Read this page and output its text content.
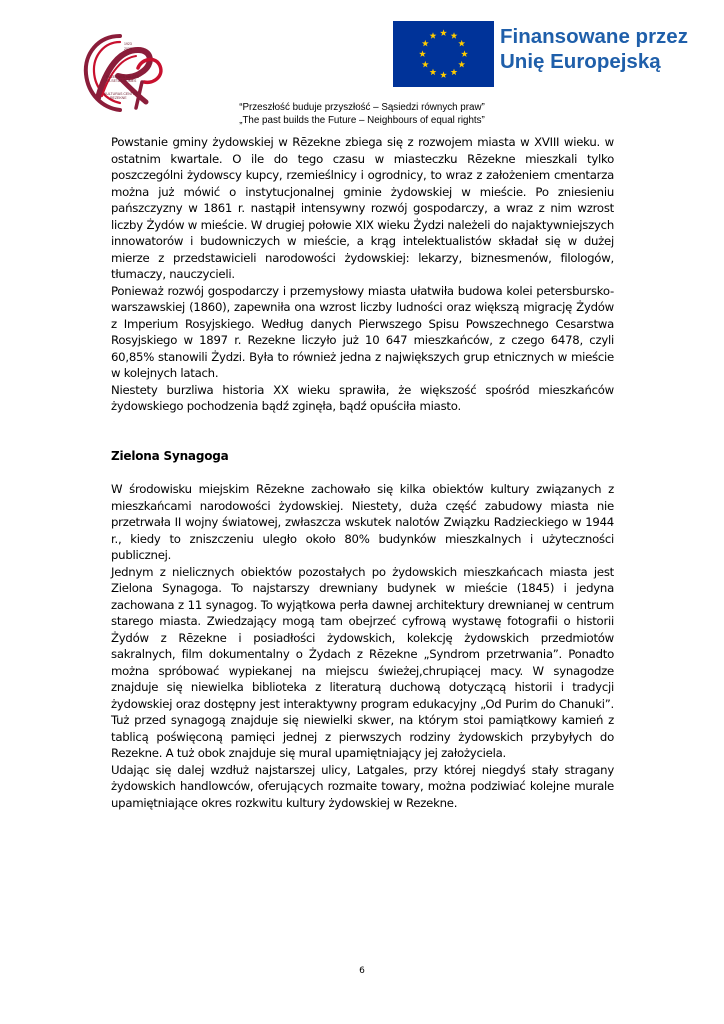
1923
2023
REZEKNES VALSTS
PILSETAS DOMES
KULTURAS CENTRS
REZEKNE
Finansowane przez
Unię Europejską
“Przeszłość buduje przyszłość – Sąsiedzi równych praw”
„The past builds the Future – Neighbours of equal rights”

Powstanie gminy żydowskiej w Rēzekne zbiega się z rozwojem miasta w XVIII wieku. w ostatnim kwartale. O ile do tego czasu w miasteczku Rēzekne mieszkali tylko poszczególni żydowscy kupcy, rzemieślnicy i ogrodnicy, to wraz z założeniem cmentarza można już mówić o instytucjonalnej gminie żydowskiej w mieście. Po zniesieniu pańszczyzny w 1861 r. nastąpił intensywny rozwój gospodarczy, a wraz z nim wzrost liczby Żydów w mieście. W drugiej połowie XIX wieku Żydzi należeli do najaktywniejszych innowatorów i budowniczych w mieście, a krąg intelektualistów składał się w dużej mierze z przedstawicieli narodowości żydowskiej: lekarzy, biznesmenów, filologów, tłumaczy, nauczycieli.

Ponieważ rozwój gospodarczy i przemysłowy miasta ułatwiła budowa kolei petersbursko-warszawskiej (1860), zapewniła ona wzrost liczby ludności oraz większą migrację Żydów z Imperium Rosyjskiego. Według danych Pierwszego Spisu Powszechnego Cesarstwa Rosyjskiego w 1897 r. Rezekne liczyło już 10 647 mieszkańców, z czego 6478, czyli 60,85% stanowili Żydzi. Była to również jedna z największych grup etnicznych w mieście w kolejnych latach.

Niestety burzliwa historia XX wieku sprawiła, że większość spośród mieszkańców żydowskiego pochodzenia bądź zginęła, bądź opuściła miasto.

Zielona Synagoga

W środowisku miejskim Rēzekne zachowało się kilka obiektów kultury związanych z mieszkańcami narodowości żydowskiej. Niestety, duża część zabudowy miasta nie przetrwała II wojny światowej, zwłaszcza wskutek nalotów Związku Radzieckiego w 1944 r., kiedy to zniszczeniu uległo około 80% budynków mieszkalnych i użyteczności publicznej.

Jednym z nielicznych obiektów pozostałych po żydowskich mieszkańcach miasta jest Zielona Synagoga. To najstarszy drewniany budynek w mieście (1845) i jedyna zachowana z 11 synagog. To wyjątkowa perła dawnej architektury drewnianej w centrum starego miasta. Zwiedzający mogą tam obejrzeć cyfrową wystawę fotografii o historii Żydów z Rēzekne i posiadłości żydowskich, kolekcję żydowskich przedmiotów sakralnych, film dokumentalny o Żydach z Rēzekne „Syndrom przetrwania”. Ponadto można spróbować wypiekanej na miejscu świeżej,chrupiącej macy. W synagodze znajduje się niewielka biblioteka z literaturą duchową dotyczącą historii i tradycji żydowskiej oraz dostępny jest interaktywny program edukacyjny „Od Purim do Chanuki”. Tuż przed synagogą znajduje się niewielki skwer, na którym stoi pamiątkowy kamień z tablicą poświęconą pamięci jednej z pierwszych rodziny żydowskich przybyłych do Rezekne. A tuż obok znajduje się mural upamiętniający jej założyciela.

Udając się dalej wzdłuż najstarszej ulicy, Latgales, przy której niegdyś stały stragany żydowskich handlowców, oferujących rozmaite towary, można podziwiać kolejne murale upamiętniające okres rozkwitu kultury żydowskiej w Rezekne.

6
